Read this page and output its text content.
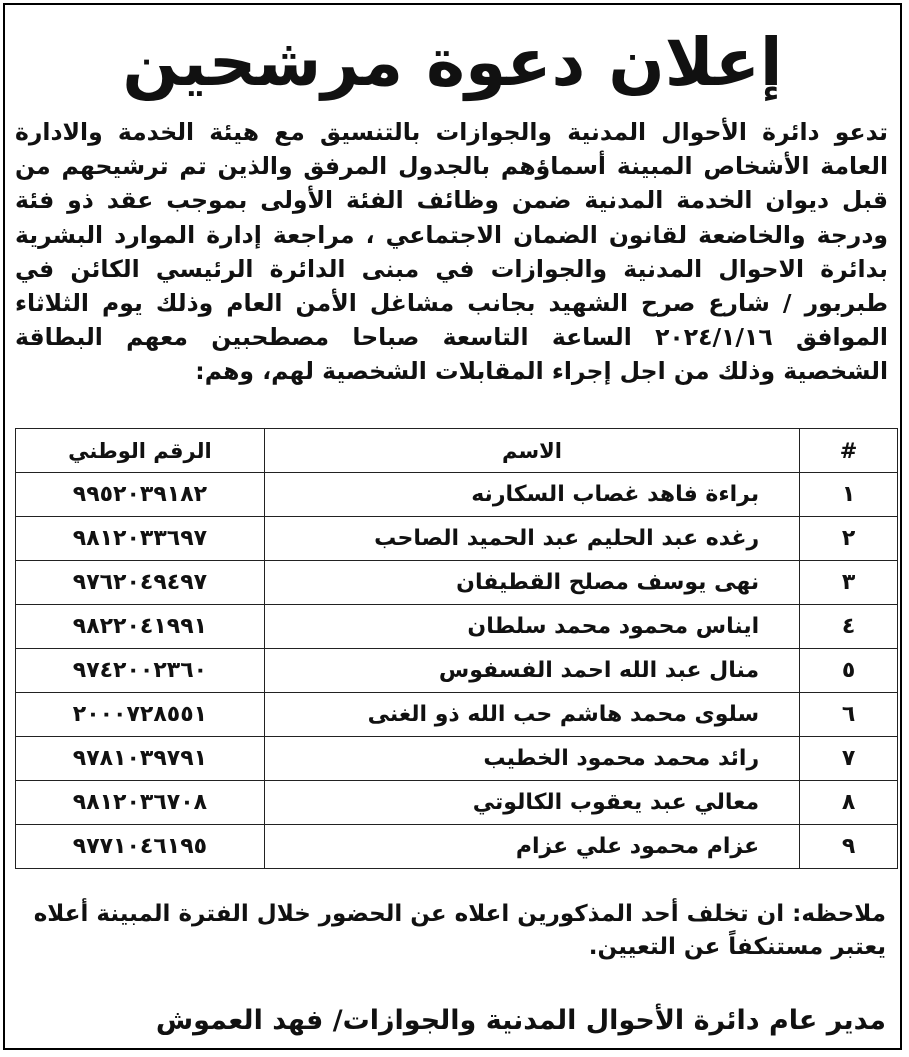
إعلان دعوة مرشحين
تدعو دائرة الأحوال المدنية والجوازات بالتنسيق مع هيئة الخدمة والادارة العامة الأشخاص المبينة أسماؤهم بالجدول المرفق والذين تم ترشيحهم من قبل ديوان الخدمة المدنية ضمن وظائف الفئة الأولى بموجب عقد ذو فئة ودرجة والخاضعة لقانون الضمان الاجتماعي ، مراجعة إدارة الموارد البشرية بدائرة الاحوال المدنية والجوازات في مبنى الدائرة الرئيسي الكائن في طبربور / شارع صرح الشهيد بجانب مشاغل الأمن العام وذلك يوم الثلاثاء الموافق ٢٠٢٤/١/١٦ الساعة التاسعة صباحا مصطحبين معهم البطاقة الشخصية وذلك من اجل إجراء المقابلات الشخصية لهم، وهم:
#	الاسم	الرقم الوطني
١	براءة فاهد غصاب السكارنه	٩٩٥٢٠٣٩١٨٢
٢	رغده عبد الحليم عبد الحميد الصاحب	٩٨١٢٠٣٣٦٩٧
٣	نهى يوسف مصلح القطيفان	٩٧٦٢٠٤٩٤٩٧
٤	ايناس محمود محمد سلطان	٩٨٢٢٠٤١٩٩١
٥	منال عبد الله احمد الفسفوس	٩٧٤٢٠٠٢٣٦٠
٦	سلوى محمد هاشم حب الله ذو الغنى	٢٠٠٠٧٢٨٥٥١
٧	رائد محمد محمود الخطيب	٩٧٨١٠٣٩٧٩١
٨	معالي عبد يعقوب الكالوتي	٩٨١٢٠٣٦٧٠٨
٩	عزام محمود علي عزام	٩٧٧١٠٤٦١٩٥
ملاحظه: ان تخلف أحد المذكورين اعلاه عن الحضور خلال الفترة المبينة أعلاه يعتبر مستنكفاً عن التعيين.
مدير عام دائرة الأحوال المدنية والجوازات/ فهد العموش
